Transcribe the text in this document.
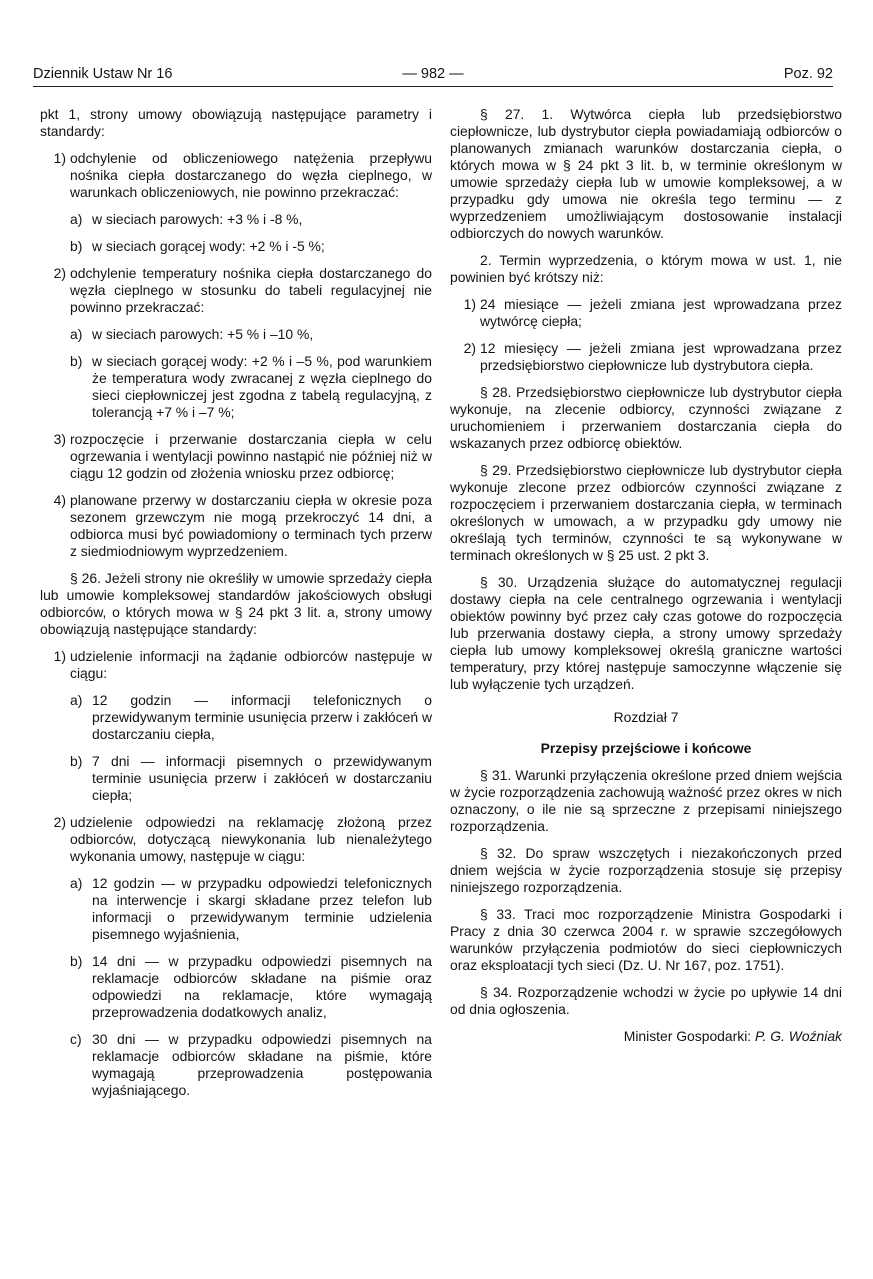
Dziennik Ustaw Nr 16	— 982 —	Poz. 92

pkt 1, strony umowy obowiązują następujące parametry i standardy:

1) odchylenie od obliczeniowego natężenia przepływu nośnika ciepła dostarczanego do węzła cieplnego, w warunkach obliczeniowych, nie powinno przekraczać:
a) w sieciach parowych: +3 % i -8 %,
b) w sieciach gorącej wody: +2 % i -5 %;
2) odchylenie temperatury nośnika ciepła dostarczanego do węzła cieplnego w stosunku do tabeli regulacyjnej nie powinno przekraczać:
a) w sieciach parowych: +5 % i –10 %,
b) w sieciach gorącej wody: +2 % i –5 %, pod warunkiem że temperatura wody zwracanej z węzła cieplnego do sieci ciepłowniczej jest zgodna z tabelą regulacyjną, z tolerancją +7 % i –7 %;
3) rozpoczęcie i przerwanie dostarczania ciepła w celu ogrzewania i wentylacji powinno nastąpić nie później niż w ciągu 12 godzin od złożenia wniosku przez odbiorcę;
4) planowane przerwy w dostarczaniu ciepła w okresie poza sezonem grzewczym nie mogą przekroczyć 14 dni, a odbiorca musi być powiadomiony o terminach tych przerw z siedmiodniowym wyprzedzeniem.

§ 26. Jeżeli strony nie określiły w umowie sprzedaży ciepła lub umowie kompleksowej standardów jakościowych obsługi odbiorców, o których mowa w § 24 pkt 3 lit. a, strony umowy obowiązują następujące standardy:

1) udzielenie informacji na żądanie odbiorców następuje w ciągu:
a) 12 godzin — informacji telefonicznych o przewidywanym terminie usunięcia przerw i zakłóceń w dostarczaniu ciepła,
b) 7 dni — informacji pisemnych o przewidywanym terminie usunięcia przerw i zakłóceń w dostarczaniu ciepła;
2) udzielenie odpowiedzi na reklamację złożoną przez odbiorców, dotyczącą niewykonania lub nienależytego wykonania umowy, następuje w ciągu:
a) 12 godzin — w przypadku odpowiedzi telefonicznych na interwencje i skargi składane przez telefon lub informacji o przewidywanym terminie udzielenia pisemnego wyjaśnienia,
b) 14 dni — w przypadku odpowiedzi pisemnych na reklamacje odbiorców składane na piśmie oraz odpowiedzi na reklamacje, które wymagają przeprowadzenia dodatkowych analiz,
c) 30 dni — w przypadku odpowiedzi pisemnych na reklamacje odbiorców składane na piśmie, które wymagają przeprowadzenia postępowania wyjaśniającego.

§ 27. 1. Wytwórca ciepła lub przedsiębiorstwo ciepłownicze, lub dystrybutor ciepła powiadamiają odbiorców o planowanych zmianach warunków dostarczania ciepła, o których mowa w § 24 pkt 3 lit. b, w terminie określonym w umowie sprzedaży ciepła lub w umowie kompleksowej, a w przypadku gdy umowa nie określa tego terminu — z wyprzedzeniem umożliwiającym dostosowanie instalacji odbiorczych do nowych warunków.

2. Termin wyprzedzenia, o którym mowa w ust. 1, nie powinien być krótszy niż:

1) 24 miesiące — jeżeli zmiana jest wprowadzana przez wytwórcę ciepła;
2) 12 miesięcy — jeżeli zmiana jest wprowadzana przez przedsiębiorstwo ciepłownicze lub dystrybutora ciepła.

§ 28. Przedsiębiorstwo ciepłownicze lub dystrybutor ciepła wykonuje, na zlecenie odbiorcy, czynności związane z uruchomieniem i przerwaniem dostarczania ciepła do wskazanych przez odbiorcę obiektów.

§ 29. Przedsiębiorstwo ciepłownicze lub dystrybutor ciepła wykonuje zlecone przez odbiorców czynności związane z rozpoczęciem i przerwaniem dostarczania ciepła, w terminach określonych w umowach, a w przypadku gdy umowy nie określają tych terminów, czynności te są wykonywane w terminach określonych w § 25 ust. 2 pkt 3.

§ 30. Urządzenia służące do automatycznej regulacji dostawy ciepła na cele centralnego ogrzewania i wentylacji obiektów powinny być przez cały czas gotowe do rozpoczęcia lub przerwania dostawy ciepła, a strony umowy sprzedaży ciepła lub umowy kompleksowej określą graniczne wartości temperatury, przy której następuje samoczynne włączenie się lub wyłączenie tych urządzeń.

Rozdział 7

Przepisy przejściowe i końcowe

§ 31. Warunki przyłączenia określone przed dniem wejścia w życie rozporządzenia zachowują ważność przez okres w nich oznaczony, o ile nie są sprzeczne z przepisami niniejszego rozporządzenia.

§ 32. Do spraw wszczętych i niezakończonych przed dniem wejścia w życie rozporządzenia stosuje się przepisy niniejszego rozporządzenia.

§ 33. Traci moc rozporządzenie Ministra Gospodarki i Pracy z dnia 30 czerwca 2004 r. w sprawie szczegółowych warunków przyłączenia podmiotów do sieci ciepłowniczych oraz eksploatacji tych sieci (Dz. U. Nr 167, poz. 1751).

§ 34. Rozporządzenie wchodzi w życie po upływie 14 dni od dnia ogłoszenia.

Minister Gospodarki: P. G. Woźniak
